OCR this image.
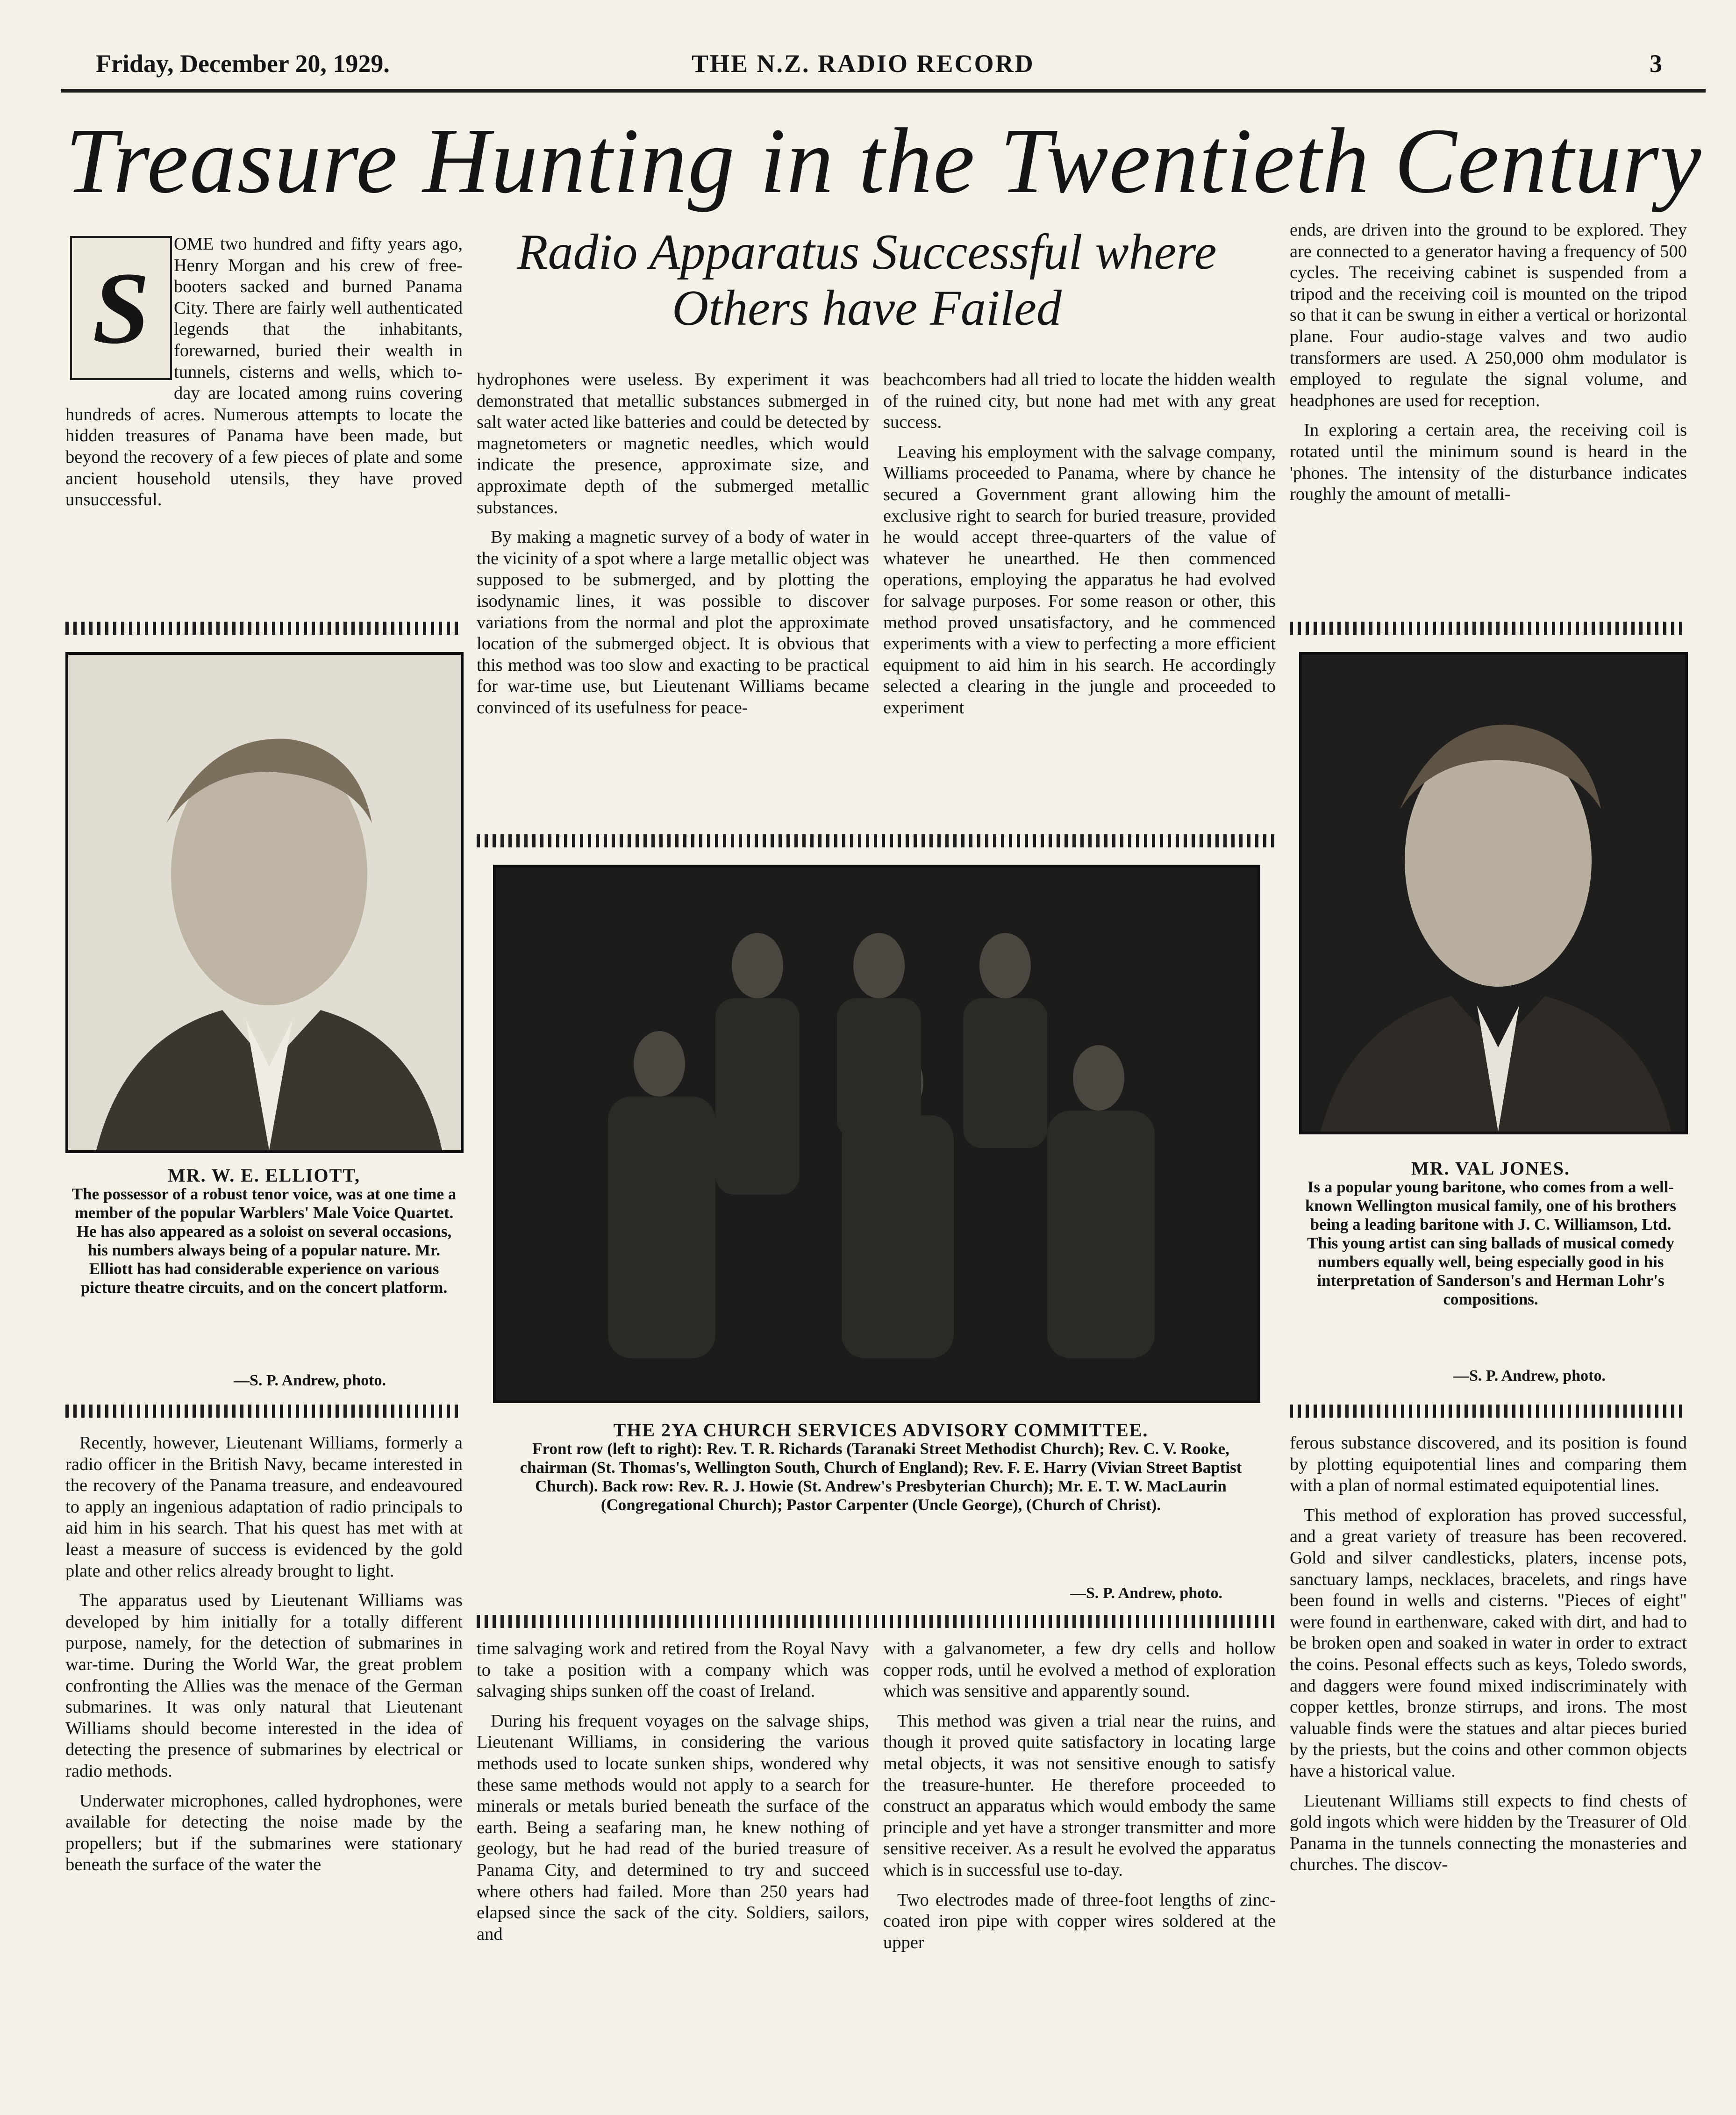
Friday, December 20, 1929.	THE N.Z. RADIO RECORD	3
Treasure Hunting in the Twentieth Century
Radio Apparatus Successful where
Others have Failed
S

OME two hundred and fifty years ago, Henry Morgan and his crew of free-booters sacked and burned Panama City. There are fairly well authenticated legends that the inhabitants, forewarned, buried their wealth in tunnels, cisterns and wells, which to-day are located among ruins covering hundreds of acres. Numerous attempts to locate the hidden treasures of Panama have been made, but beyond the recovery of a few pieces of plate and some ancient household utensils, they have proved unsuccessful.

MR. W. E. ELLIOTT,
The possessor of a robust tenor voice, was at one time a member of the popular Warblers' Male Voice Quartet. He has also appeared as a soloist on several occasions, his numbers always being of a popular nature. Mr. Elliott has had considerable experience on various picture theatre circuits, and on the concert platform.
—S. P. Andrew, photo.

Recently, however, Lieutenant Williams, formerly a radio officer in the British Navy, became interested in the recovery of the Panama treasure, and endeavoured to apply an ingenious adaptation of radio principals to aid him in his search. That his quest has met with at least a measure of success is evidenced by the gold plate and other relics already brought to light.

The apparatus used by Lieutenant Williams was developed by him initially for a totally different purpose, namely, for the detection of submarines in war-time. During the World War, the great problem confronting the Allies was the menace of the German submarines. It was only natural that Lieutenant Williams should become interested in the idea of detecting the presence of submarines by electrical or radio methods.

Underwater microphones, called hydrophones, were available for detecting the noise made by the propellers; but if the submarines were stationary beneath the surface of the water the

hydrophones were useless. By experiment it was demonstrated that metallic substances submerged in salt water acted like batteries and could be detected by magnetometers or magnetic needles, which would indicate the presence, approximate size, and approximate depth of the submerged metallic substances.

By making a magnetic survey of a body of water in the vicinity of a spot where a large metallic object was supposed to be submerged, and by plotting the isodynamic lines, it was possible to discover variations from the normal and plot the approximate location of the submerged object. It is obvious that this method was too slow and exacting to be practical for war-time use, but Lieutenant Williams became convinced of its usefulness for peace-

beachcombers had all tried to locate the hidden wealth of the ruined city, but none had met with any great success.

Leaving his employment with the salvage company, Williams proceeded to Panama, where by chance he secured a Government grant allowing him the exclusive right to search for buried treasure, provided he would accept three-quarters of the value of whatever he unearthed. He then commenced operations, employing the apparatus he had evolved for salvage purposes. For some reason or other, this method proved unsatisfactory, and he commenced experiments with a view to perfecting a more efficient equipment to aid him in his search. He accordingly selected a clearing in the jungle and proceeded to experiment

ends, are driven into the ground to be explored. They are connected to a generator having a frequency of 500 cycles. The receiving cabinet is suspended from a tripod and the receiving coil is mounted on the tripod so that it can be swung in either a vertical or horizontal plane. Four audio-stage valves and two audio transformers are used. A 250,000 ohm modulator is employed to regulate the signal volume, and headphones are used for reception.

In exploring a certain area, the receiving coil is rotated until the minimum sound is heard in the 'phones. The intensity of the disturbance indicates roughly the amount of metalli-

THE 2YA CHURCH SERVICES ADVISORY COMMITTEE.
Front row (left to right): Rev. T. R. Richards (Taranaki Street Methodist Church); Rev. C. V. Rooke, chairman (St. Thomas's, Wellington South, Church of England); Rev. F. E. Harry (Vivian Street Baptist Church). Back row: Rev. R. J. Howie (St. Andrew's Presbyterian Church); Mr. E. T. W. MacLaurin (Congregational Church); Pastor Carpenter (Uncle George), (Church of Christ).
—S. P. Andrew, photo.

time salvaging work and retired from the Royal Navy to take a position with a company which was salvaging ships sunken off the coast of Ireland.

During his frequent voyages on the salvage ships, Lieutenant Williams, in considering the various methods used to locate sunken ships, wondered why these same methods would not apply to a search for minerals or metals buried beneath the surface of the earth. Being a seafaring man, he knew nothing of geology, but he had read of the buried treasure of Panama City, and determined to try and succeed where others had failed. More than 250 years had elapsed since the sack of the city. Soldiers, sailors, and

with a galvanometer, a few dry cells and hollow copper rods, until he evolved a method of exploration which was sensitive and apparently sound.

This method was given a trial near the ruins, and though it proved quite satisfactory in locating large metal objects, it was not sensitive enough to satisfy the treasure-hunter. He therefore proceeded to construct an apparatus which would embody the same principle and yet have a stronger transmitter and more sensitive receiver. As a result he evolved the apparatus which is in successful use to-day.

Two electrodes made of three-foot lengths of zinc-coated iron pipe with copper wires soldered at the upper

MR. VAL JONES.
Is a popular young baritone, who comes from a well-known Wellington musical family, one of his brothers being a leading baritone with J. C. Williamson, Ltd. This young artist can sing ballads of musical comedy numbers equally well, being especially good in his interpretation of Sanderson's and Herman Lohr's compositions.
—S. P. Andrew, photo.

ferous substance discovered, and its position is found by plotting equipotential lines and comparing them with a plan of normal estimated equipotential lines.

This method of exploration has proved successful, and a great variety of treasure has been recovered. Gold and silver candlesticks, platers, incense pots, sanctuary lamps, necklaces, bracelets, and rings have been found in wells and cisterns. "Pieces of eight" were found in earthenware, caked with dirt, and had to be broken open and soaked in water in order to extract the coins. Pesonal effects such as keys, Toledo swords, and daggers were found mixed indiscriminately with copper kettles, bronze stirrups, and irons. The most valuable finds were the statues and altar pieces buried by the priests, but the coins and other common objects have a historical value.

Lieutenant Williams still expects to find chests of gold ingots which were hidden by the Treasurer of Old Panama in the tunnels connecting the monasteries and churches. The discov-
